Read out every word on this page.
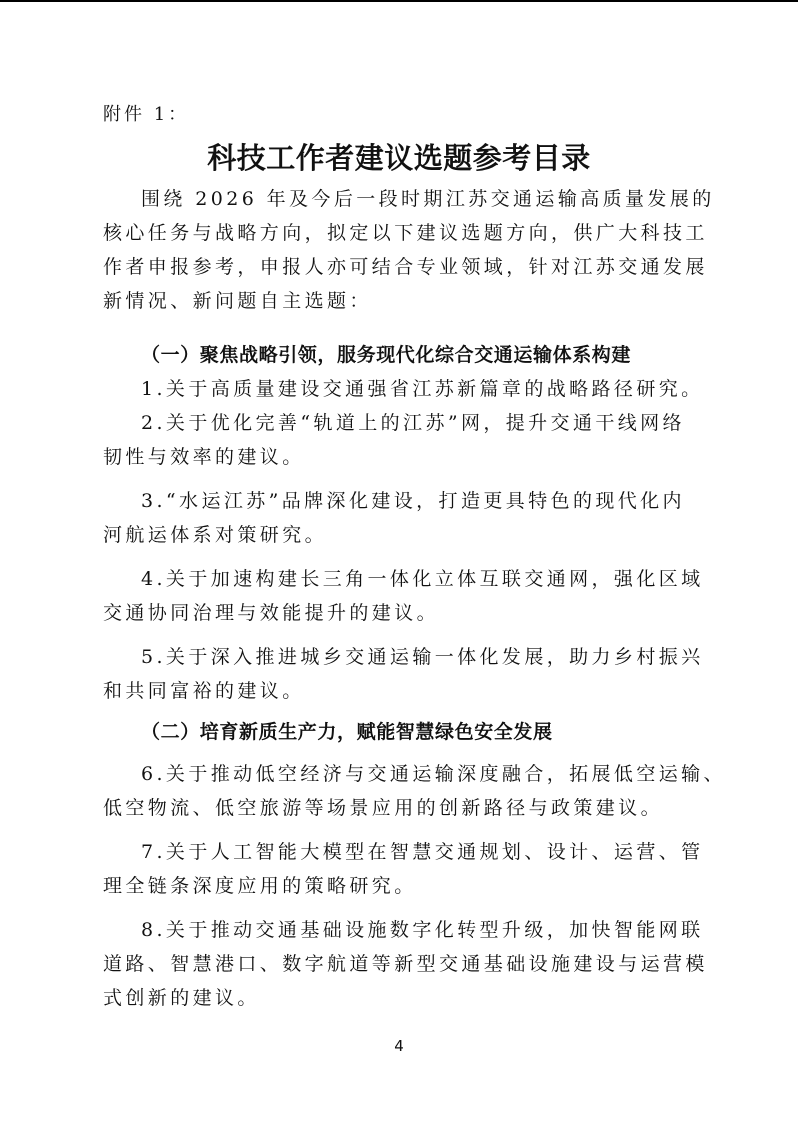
附件 1：
科技工作者建议选题参考目录
围绕 2026 年及今后一段时期江苏交通运输高质量发展的
核心任务与战略方向，拟定以下建议选题方向，供广大科技工
作者申报参考，申报人亦可结合专业领域，针对江苏交通发展
新情况、新问题自主选题：
（一）聚焦战略引领，服务现代化综合交通运输体系构建
1.关于高质量建设交通强省江苏新篇章的战略路径研究。
2.关于优化完善“轨道上的江苏”网，提升交通干线网络
韧性与效率的建议。
3.“水运江苏”品牌深化建设，打造更具特色的现代化内
河航运体系对策研究。
4.关于加速构建长三角一体化立体互联交通网，强化区域
交通协同治理与效能提升的建议。
5.关于深入推进城乡交通运输一体化发展，助力乡村振兴
和共同富裕的建议。
（二）培育新质生产力，赋能智慧绿色安全发展
6.关于推动低空经济与交通运输深度融合，拓展低空运输、
低空物流、低空旅游等场景应用的创新路径与政策建议。
7.关于人工智能大模型在智慧交通规划、设计、运营、管
理全链条深度应用的策略研究。
8.关于推动交通基础设施数字化转型升级，加快智能网联
道路、智慧港口、数字航道等新型交通基础设施建设与运营模
式创新的建议。
4
